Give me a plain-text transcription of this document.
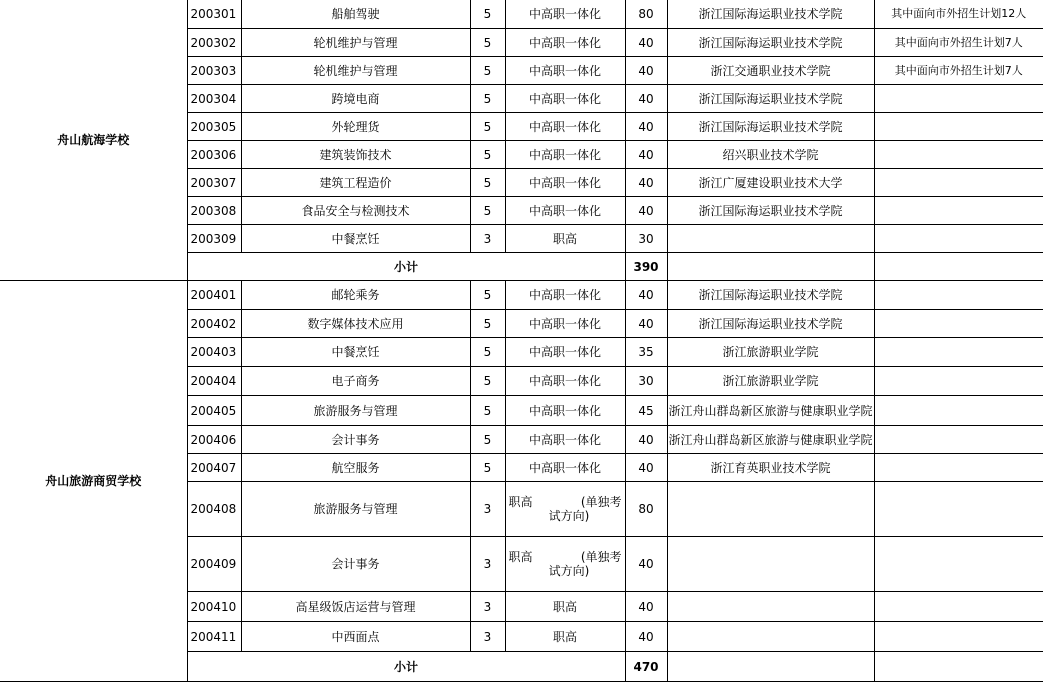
舟山航海学校	200301	船舶驾驶	5	中高职一体化	80	浙江国际海运职业技术学院	其中面向市外招生计划12人
	200302	轮机维护与管理	5	中高职一体化	40	浙江国际海运职业技术学院	其中面向市外招生计划7人
	200303	轮机维护与管理	5	中高职一体化	40	浙江交通职业技术学院	其中面向市外招生计划7人
	200304	跨境电商	5	中高职一体化	40	浙江国际海运职业技术学院	
	200305	外轮理货	5	中高职一体化	40	浙江国际海运职业技术学院	
	200306	建筑装饰技术	5	中高职一体化	40	绍兴职业技术学院	
	200307	建筑工程造价	5	中高职一体化	40	浙江广厦建设职业技术大学	
	200308	食品安全与检测技术	5	中高职一体化	40	浙江国际海运职业技术学院	
	200309	中餐烹饪	3	职高	30		
	小计				390		
舟山旅游商贸学校	200401	邮轮乘务	5	中高职一体化	40	浙江国际海运职业技术学院	
	200402	数字媒体技术应用	5	中高职一体化	40	浙江国际海运职业技术学院	
	200403	中餐烹饪	5	中高职一体化	35	浙江旅游职业学院	
	200404	电子商务	5	中高职一体化	30	浙江旅游职业学院	
	200405	旅游服务与管理	5	中高职一体化	45	浙江舟山群岛新区旅游与健康职业学院	
	200406	会计事务	5	中高职一体化	40	浙江舟山群岛新区旅游与健康职业学院	
	200407	航空服务	5	中高职一体化	40	浙江育英职业技术学院	
	200408	旅游服务与管理	3	职高 (单独考
试方向)	80		
	200409	会计事务	3	职高 (单独考
试方向)	40		
	200410	高星级饭店运营与管理	3	职高	40		
	200411	中西面点	3	职高	40		
	小计				470		
